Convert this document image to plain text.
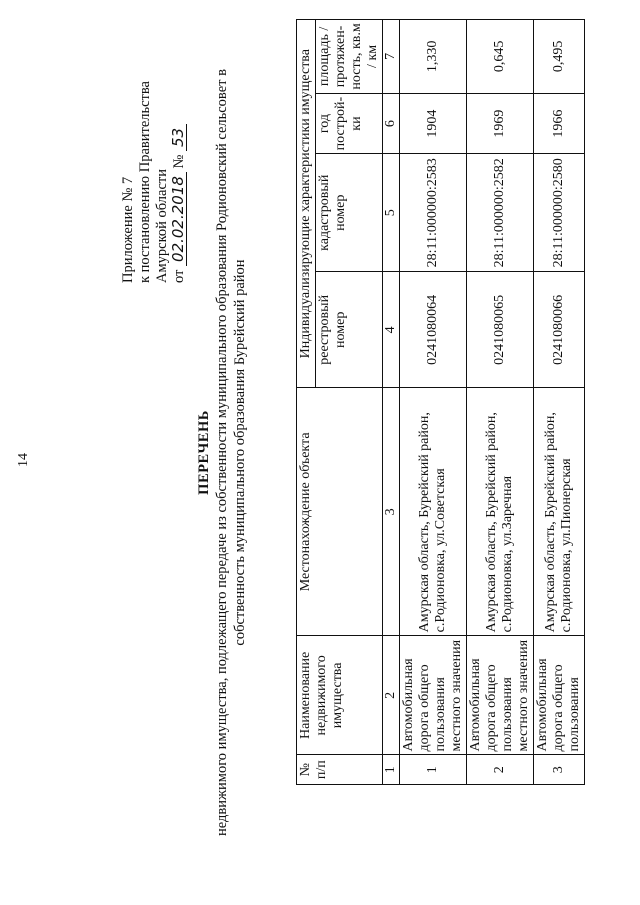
14
Приложение № 7 к постановлению Правительства Амурской области от 02.02.2018 № 53
ПЕРЕЧЕНЬ недвижимого имущества, подлежащего передаче из собственности муниципального образования Родионовский сельсовет в собственность муниципального образования Бурейский район
№ п/п	Наименование недвижимого имущества	Местонахождение объекта	Индивидуализирующие характеристики имущества			
			реестровый номер	кадастровый номер	год построй-ки	площадь / протяжен-ность, кв.м / км
1	2	3	4	5	6	7
1	Автомобильная дорога общего пользования местного значения	Амурская область, Бурейский район, с.Родионовка, ул.Советская	0241080064	28:11:000000:2583	1904	1,330
2	Автомобильная дорога общего пользования местного значения	Амурская область, Бурейский район, с.Родионовка, ул.Заречная	0241080065	28:11:000000:2582	1969	0,645
3	Автомобильная дорога общего пользования	Амурская область, Бурейский район, с.Родионовка, ул.Пионерская	0241080066	28:11:000000:2580	1966	0,495
